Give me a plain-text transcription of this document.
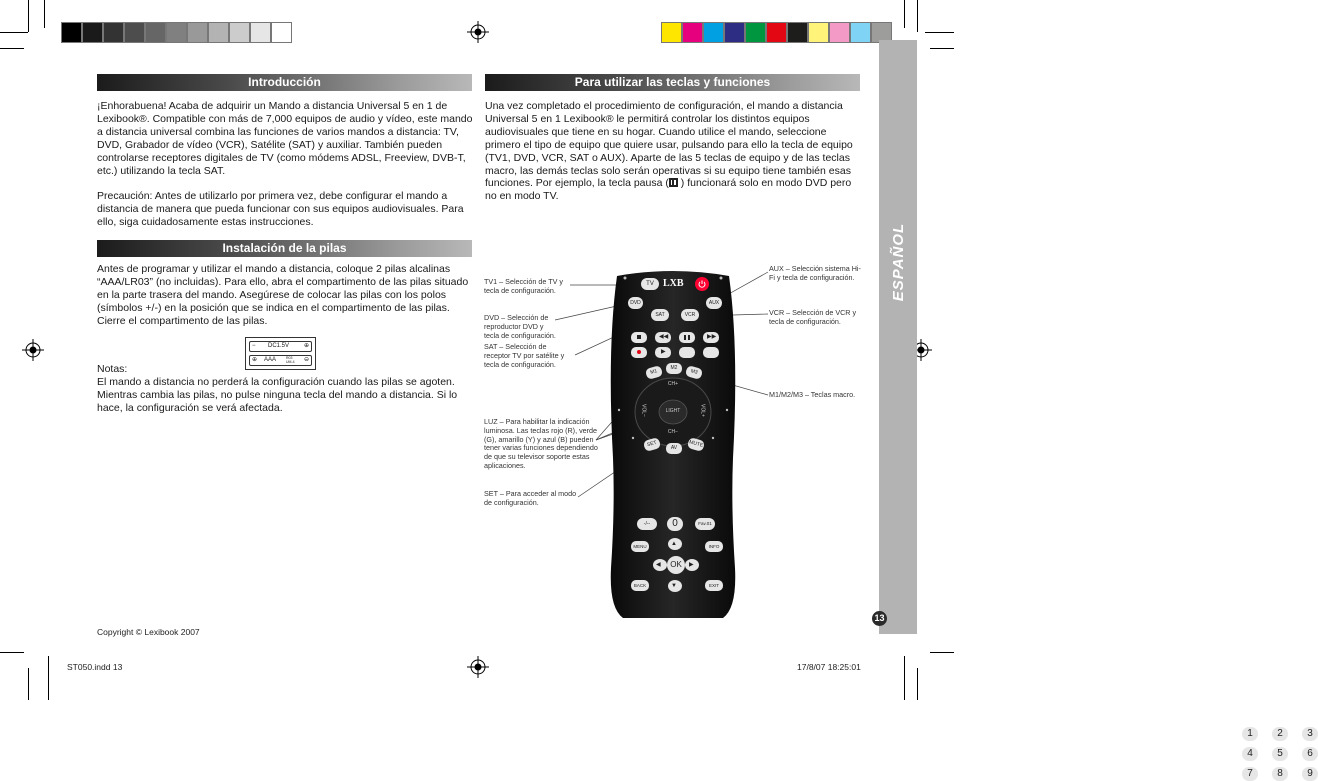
ESPAÑOL
13
Introducción

¡Enhorabuena! Acaba de adquirir un Mando a distancia Universal 5 en 1 de Lexibook®. Compatible con más de 7,000 equipos de audio y vídeo, este mando a distancia universal combina las funciones de varios mandos a distancia: TV, DVD, Grabador de vídeo (VCR), Satélite (SAT) y auxiliar. También pueden controlarse receptores digitales de TV (como módems ADSL, Freeview, DVB-T, etc.) utilizando la tecla SAT.

Precaución: Antes de utilizarlo por primera vez, debe configurar el mando a distancia de manera que pueda funcionar con sus equipos audiovisuales. Para ello, siga cuidadosamente estas instrucciones.

Instalación de la pilas

Antes de programar y utilizar el mando a distancia, coloque 2 pilas alcalinas “AAA/LR03” (no incluidas). Para ello, abra el compartimento de las pilas situado en la parte trasera del mando. Asegúrese de colocar las pilas con los polos (símbolos +/-) en la posición que se indica en el compartimento de las pilas. Cierre el compartimento de las pilas.

− DC1.5V ⊕
⊕ AAA	R03 UM-4	⊖

Notas:

El mando a distancia no perderá la configuración cuando las pilas se agoten. Mientras cambia las pilas, no pulse ninguna tecla del mando a distancia. Si lo hace, la configuración se verá afectada.

Copyright © Lexibook 2007
Para utilizar las teclas y funciones

Una vez completado el procedimiento de configuración, el mando a distancia Universal 5 en 1 Lexibook® le permitirá controlar los distintos equipos audiovisuales que tiene en su hogar. Cuando utilice el mando, seleccione primero el tipo de equipo que quiere usar, pulsando para ello la tecla de equipo (TV1, DVD, VCR, SAT o AUX). Aparte de las 5 teclas de equipo y de las teclas macro, las demás teclas solo serán operativas si su equipo tiene también esas funciones. Por ejemplo, la tecla pausa ( ) funcionará solo en modo DVD pero no en modo TV.

TV1 – Selección de TV y tecla de configuración.
DVD – Selección de reproductor DVD y tecla de configuración.
SAT – Selección de receptor TV por satélite y tecla de configuración.
LUZ – Para habilitar la indicación luminosa. Las teclas rojo (R), verde (G), amarillo (Y) y azul (B) pueden tener varias funciones dependiendo de que su televisor soporte estas aplicaciones.
SET – Para acceder al modo de configuración.
AUX – Selección sistema Hi-Fi y tecla de configuración.
VCR – Selección de VCR y tecla de configuración.
M1/M2/M3 – Teclas macro.
LXB
TV
DVD	AUX
SAT	VCR
◀◀	▶▶
▶
M1
M2
M3
CH+
CH−
VOL−	VOL+
LIGHT
SET	AV	MUTE
1	2	3
4	5	6
7	8	9
-/--	0	Fav.01
MENU	INFO
▲
◀	OK	▶
▼
BACK	EXIT
ST050.indd 13	17/8/07 18:25:01
